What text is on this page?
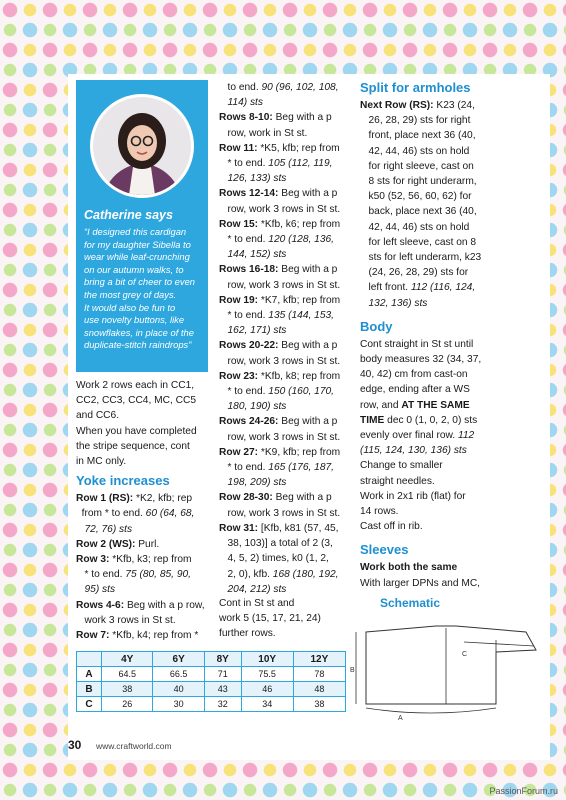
Catherine says
“I designed this cardigan
for my daughter Sibella to
wear while leaf-crunching
on our autumn walks, to
bring a bit of cheer to even
the most grey of days.
It would also be fun to
use novelty buttons, like
snowflakes, in place of the
duplicate-stitch raindrops”

Work 2 rows each in CC1,

CC2, CC3, CC4, MC, CC5

and CC6.

When you have completed

the stripe sequence, cont

in MC only.

Yoke increases

Row 1 (RS): *K2, kfb; rep

from * to end. 60 (64, 68,

72, 76) sts

Row 2 (WS): Purl.

Row 3: *Kfb, k3; rep from

* to end. 75 (80, 85, 90,

95) sts

Rows 4-6: Beg with a p row,

work 3 rows in St st.

Row 7: *Kfb, k4; rep from *

to end. 90 (96, 102, 108,

114) sts

Rows 8-10: Beg with a p

row, work in St st.

Row 11: *K5, kfb; rep from

* to end. 105 (112, 119,

126, 133) sts

Rows 12-14: Beg with a p

row, work 3 rows in St st.

Row 15: *Kfb, k6; rep from

* to end. 120 (128, 136,

144, 152) sts

Rows 16-18: Beg with a p

row, work 3 rows in St st.

Row 19: *K7, kfb; rep from

* to end. 135 (144, 153,

162, 171) sts

Rows 20-22: Beg with a p

row, work 3 rows in St st.

Row 23: *Kfb, k8; rep from

* to end. 150 (160, 170,

180, 190) sts

Rows 24-26: Beg with a p

row, work 3 rows in St st.

Row 27: *K9, kfb; rep from

* to end. 165 (176, 187,

198, 209) sts

Row 28-30: Beg with a p

row, work 3 rows in St st.

Row 31: [Kfb, k81 (57, 45,

38, 103)] a total of 2 (3,

4, 5, 2) times, k0 (1, 2,

2, 0), kfb. 168 (180, 192,

204, 212) sts

Cont in St st and

work 5 (15, 17, 21, 24)

further rows.

Split for armholes

Next Row (RS): K23 (24,

26, 28, 29) sts for right

front, place next 36 (40,

42, 44, 46) sts on hold

for right sleeve, cast on

8 sts for right underarm,

k50 (52, 56, 60, 62) for

back, place next 36 (40,

42, 44, 46) sts on hold

for left sleeve, cast on 8

sts for left underarm, k23

(24, 26, 28, 29) sts for

left front. 112 (116, 124,

132, 136) sts

Body

Cont straight in St st until

body measures 32 (34, 37,

40, 42) cm from cast-on

edge, ending after a WS

row, and AT THE SAME

TIME dec 0 (1, 0, 2, 0) sts

evenly over final row. 112

(115, 124, 130, 136) sts

Change to smaller

straight needles.

Work in 2x1 rib (flat) for

14 rows.

Cast off in rib.

Sleeves

Work both the same

With larger DPNs and MC,

Schematic
B
A
C
	4Y	6Y	8Y	10Y	12Y
A	64.5	66.5	71	75.5	78
B	38	40	43	46	48
C	26	30	32	34	38
30 www.craftworld.com
PassionForum.ru
